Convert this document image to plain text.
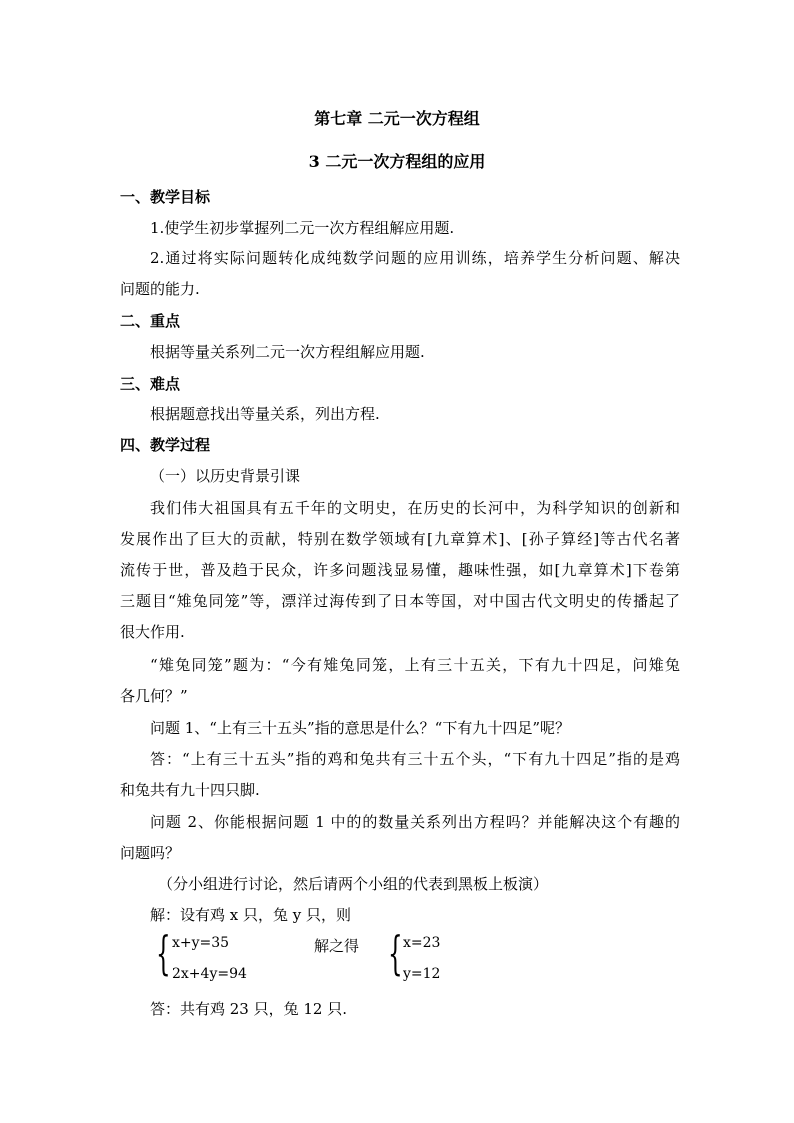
第七章 二元一次方程组
3 二元一次方程组的应用
一、教学目标
1.使学生初步掌握列二元一次方程组解应用题.
2.通过将实际问题转化成纯数学问题的应用训练，培养学生分析问题、解决
问题的能力.
二、重点
根据等量关系列二元一次方程组解应用题.
三、难点
根据题意找出等量关系，列出方程.
四、教学过程
（一）以历史背景引课
我们伟大祖国具有五千年的文明史，在历史的长河中，为科学知识的创新和
发展作出了巨大的贡献，特别在数学领域有[九章算术]、[孙子算经]等古代名著
流传于世，普及趋于民众，许多问题浅显易懂，趣味性强，如[九章算术]下卷第
三题目“雉兔同笼”等，漂洋过海传到了日本等国，对中国古代文明史的传播起了
很大作用.
“雉兔同笼”题为：“今有雉兔同笼，上有三十五关，下有九十四足，问雉兔
各几何？”
问题 1、“上有三十五头”指的意思是什么？“下有九十四足”呢？
答：“上有三十五头”指的鸡和兔共有三十五个头，“下有九十四足”指的是鸡
和兔共有九十四只脚.
问题 2、你能根据问题 1 中的的数量关系列出方程吗？并能解决这个有趣的
问题吗？
（分小组进行讨论，然后请两个小组的代表到黑板上板演）
解：设有鸡 x 只，兔 y 只，则
{ x+y=35
2x+4y=94
解之得 { x=23
y=12
答：共有鸡 23 只，兔 12 只.
